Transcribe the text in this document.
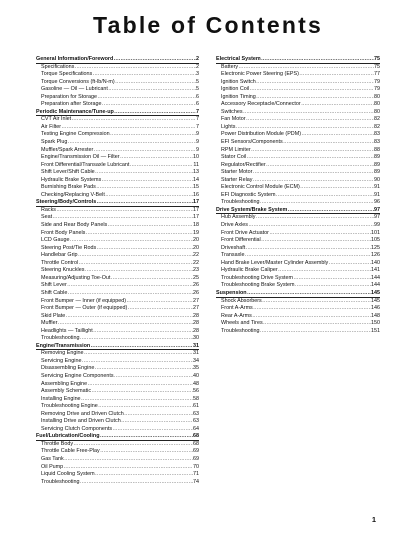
Table of Contents
General Information/Foreword .....	2
Specifications .....	2
Torque Specifications .....	3
Torque Conversions (ft-lb/N-m) .....	5
Gasoline — Oil — Lubricant .....	5
Preparation for Storage .....	6
Preparation after Storage .....	6
Periodic Maintenance/Tune-up .....	7
CVT Air Inlet .....	7
Air Filter .....	7
Testing Engine Compression .....	9
Spark Plug .....	9
Muffler/Spark Arrester .....	9
Engine/Transmission Oil — Filter .....	10
Front Differential/Transaxle Lubricant .....	11
Shift Lever/Shift Cable .....	13
Hydraulic Brake Systems .....	14
Burnishing Brake Pads .....	15
Checking/Replacing V-Belt .....	16
Steering/Body/Controls .....	17
Racks .....	17
Seat .....	17
Side and Rear Body Panels .....	18
Front Body Panels .....	19
LCD Gauge .....	20
Steering Post/Tie Rods .....	20
Handlebar Grip .....	22
Throttle Control .....	22
Steering Knuckles .....	23
Measuring/Adjusting Toe-Out .....	25
Shift Lever .....	26
Shift Cable .....	26
Front Bumper — Inner (if equipped) .....	27
Front Bumper — Outer (if equipped) .....	27
Skid Plate .....	28
Muffler .....	28
Headlights — Taillight .....	28
Troubleshooting .....	30
Engine/Transmission .....	31
Removing Engine .....	31
Servicing Engine .....	34
Disassembling Engine .....	35
Servicing Engine Components .....	40
Assembling Engine .....	48
Assembly Schematic .....	56
Installing Engine .....	58
Troubleshooting Engine .....	61
Removing Drive and Driven Clutch .....	63
Installing Drive and Driven Clutch .....	63
Servicing Clutch Components .....	64
Fuel/Lubrication/Cooling .....	68
Throttle Body .....	68
Throttle Cable Free-Play .....	69
Gas Tank .....	69
Oil Pump .....	70
Liquid Cooling System .....	71
Troubleshooting .....	74
Electrical System .....	75
Battery .....	75
Electronic Power Steering (EPS) .....	77
Ignition Switch .....	79
Ignition Coil .....	79
Ignition Timing .....	80
Accessory Receptacle/Connector .....	80
Switches .....	80
Fan Motor .....	82
Lights .....	82
Power Distribution Module (PDM) .....	83
EFI Sensors/Components .....	83
RPM Limiter .....	88
Stator Coil .....	89
Regulator/Rectifier .....	89
Starter Motor .....	89
Starter Relay .....	90
Electronic Control Module (ECM) .....	91
EFI Diagnostic System .....	91
Troubleshooting .....	96
Drive System/Brake System .....	97
Hub Assembly .....	97
Drive Axles .....	99
Front Drive Actuator .....	101
Front Differential .....	105
Driveshaft .....	125
Transaxle .....	126
Hand Brake Lever/Master Cylinder Assembly .....	140
Hydraulic Brake Caliper .....	141
Troubleshooting Drive System .....	144
Troubleshooting Brake System .....	144
Suspension .....	145
Shock Absorbers .....	145
Front A-Arms .....	146
Rear A-Arms .....	148
Wheels and Tires .....	150
Troubleshooting .....	151
1
